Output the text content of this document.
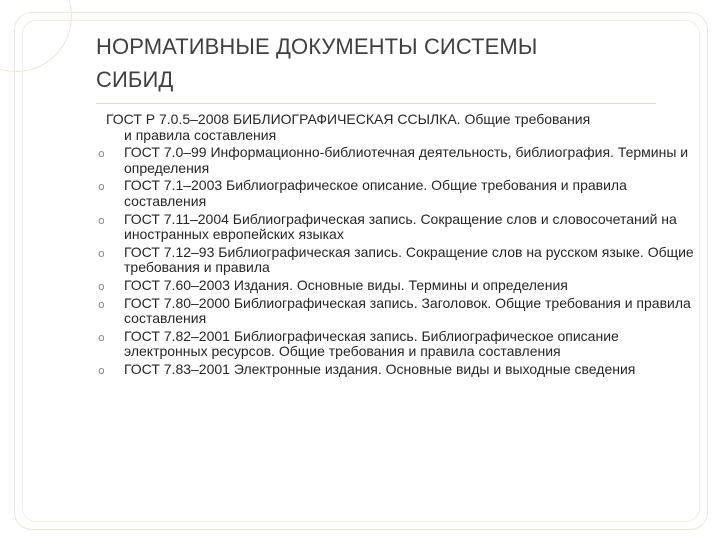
НОРМАТИВНЫЕ ДОКУМЕНТЫ СИСТЕМЫ
СИБИД
ГОСТ Р 7.0.5–2008 БИБЛИОГРАФИЧЕСКАЯ ССЫЛКА. Общие требования
и правила составления
o ГОСТ 7.0–99 Информационно-библиотечная деятельность, библиография. Термины и определения
o ГОСТ 7.1–2003 Библиографическое описание. Общие требования и правила составления
o ГОСТ 7.11–2004 Библиографическая запись. Сокращение слов и словосочетаний на иностранных европейских языках
o ГОСТ 7.12–93 Библиографическая запись. Сокращение слов на русском языке. Общие требования и правила
o ГОСТ 7.60–2003 Издания. Основные виды. Термины и определения
o ГОСТ 7.80–2000 Библиографическая запись. Заголовок. Общие требования и правила составления
o ГОСТ 7.82–2001 Библиографическая запись. Библиографическое описание электронных ресурсов. Общие требования и правила составления
o ГОСТ 7.83–2001 Электронные издания. Основные виды и выходные сведения
